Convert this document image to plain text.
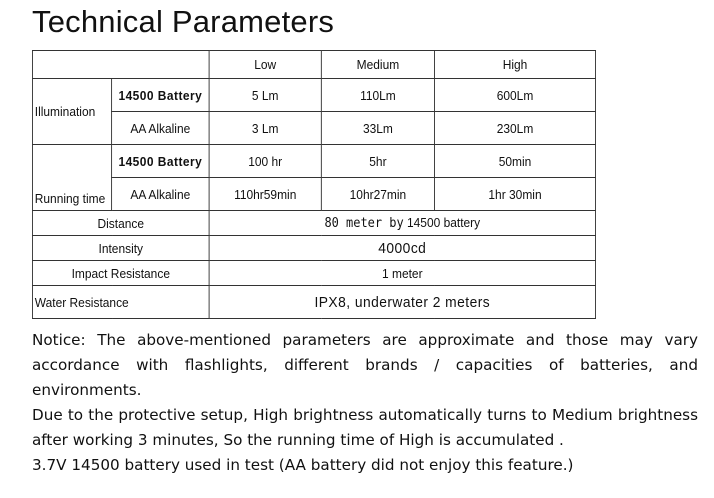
Technical Parameters
		Low	Medium	High
Illumination	14500 Battery	5 Lm	110Lm	600Lm
	AA Alkaline	3 Lm	33Lm	230Lm
Running time	14500 Battery	100 hr	5hr	50min
	AA Alkaline	110hr59min	10hr27min	1hr 30min
Distance		80 meter by 14500 battery		
Intensity		4000cd		
Impact Resistance		1 meter		
Water Resistance		IPX8, underwater 2 meters		

Notice: The above-mentioned parameters are approximate and those may vary accordance with flashlights, different brands / capacities of batteries, and environments.

Due to the protective setup, High brightness automatically turns to Medium brightness after working 3 minutes, So the running time of High is accumulated .

3.7V 14500 battery used in test (AA battery did not enjoy this feature.)
